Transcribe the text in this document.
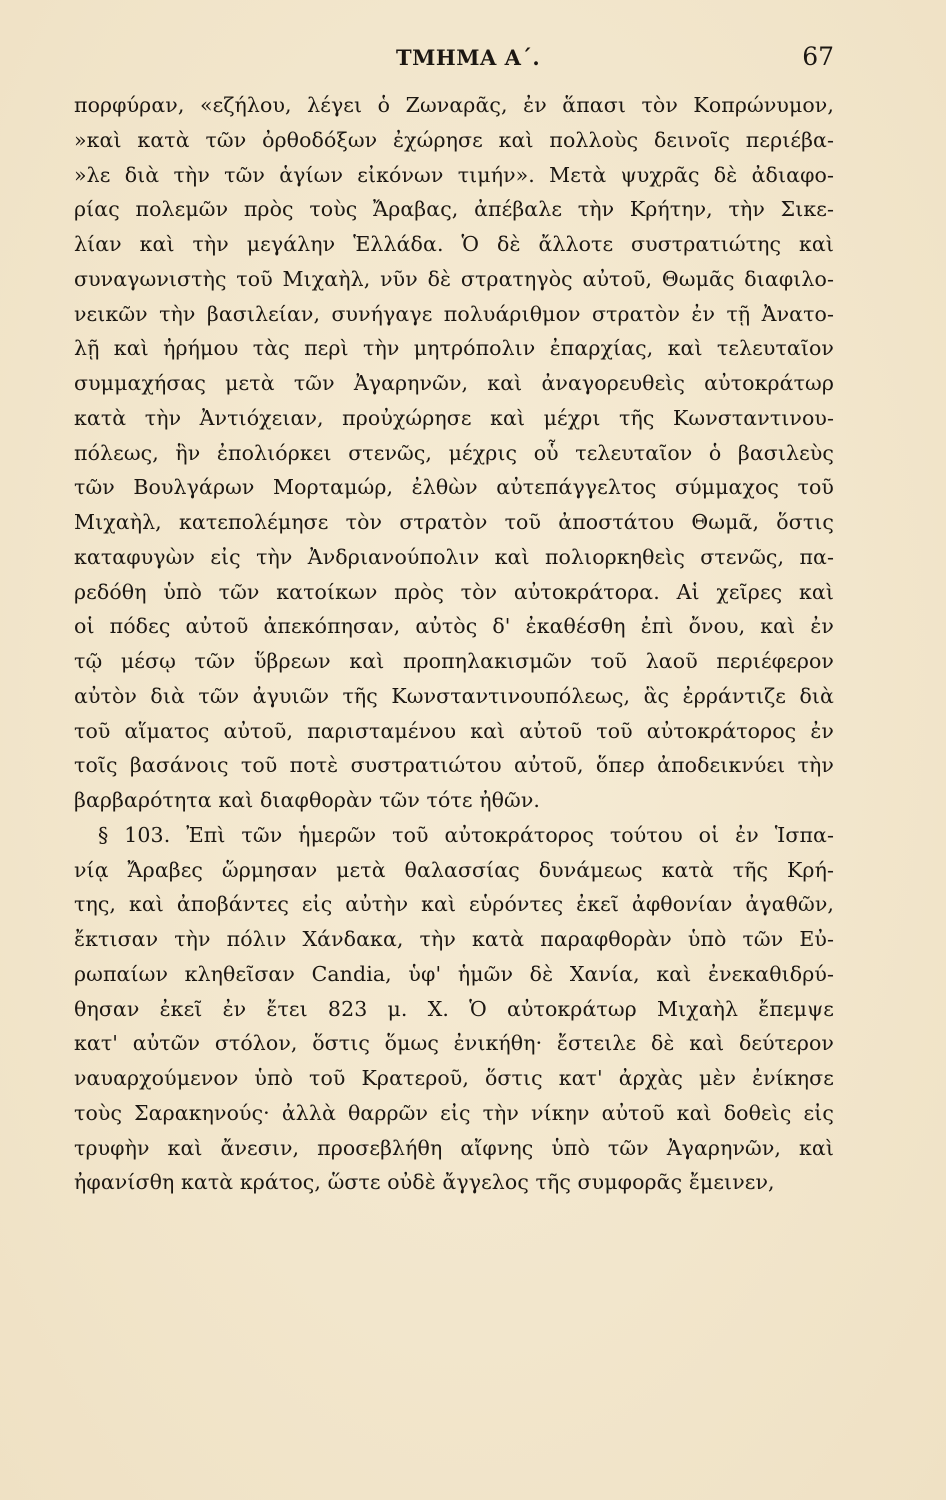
ΤΜΗΜΑ Α΄.	67
πορφύραν, «εζήλου, λέγει ὁ Ζωναρᾶς, ἐν ἅπασι τὸν Κοπρώνυμον,
»καὶ κατὰ τῶν ὀρθοδόξων ἐχώρησε καὶ πολλοὺς δεινοῖς περιέβα-
»λε διὰ τὴν τῶν ἁγίων εἰκόνων τιμήν». Μετὰ ψυχρᾶς δὲ ἀδιαφο-
ρίας πολεμῶν πρὸς τοὺς Ἄραβας, ἀπέβαλε τὴν Κρήτην, τὴν Σικε-
λίαν καὶ τὴν μεγάλην Ἑλλάδα. Ὁ δὲ ἄλλοτε συστρατιώτης καὶ
συναγωνιστὴς τοῦ Μιχαὴλ, νῦν δὲ στρατηγὸς αὐτοῦ, Θωμᾶς διαφιλο-
νεικῶν τὴν βασιλείαν, συνήγαγε πολυάριθμον στρατὸν ἐν τῇ Ἀνατο-
λῇ καὶ ἠρήμου τὰς περὶ τὴν μητρόπολιν ἐπαρχίας, καὶ τελευταῖον
συμμαχήσας μετὰ τῶν Ἀγαρηνῶν, καὶ ἀναγορευθεὶς αὐτοκράτωρ
κατὰ τὴν Ἀντιόχειαν, προὐχώρησε καὶ μέχρι τῆς Κωνσταντινου-
πόλεως, ἣν ἐπολιόρκει στενῶς, μέχρις οὗ τελευταῖον ὁ βασιλεὺς
τῶν Βουλγάρων Μορταμώρ, ἐλθὼν αὐτεπάγγελτος σύμμαχος τοῦ
Μιχαὴλ, κατεπολέμησε τὸν στρατὸν τοῦ ἀποστάτου Θωμᾶ, ὅστις
καταφυγὼν εἰς τὴν Ἀνδριανούπολιν καὶ πολιορκηθεὶς στενῶς, πα-
ρεδόθη ὑπὸ τῶν κατοίκων πρὸς τὸν αὐτοκράτορα. Αἱ χεῖρες καὶ
οἱ πόδες αὐτοῦ ἀπεκόπησαν, αὐτὸς δ' ἐκαθέσθη ἐπὶ ὄνου, καὶ ἐν
τῷ μέσῳ τῶν ὕβρεων καὶ προπηλακισμῶν τοῦ λαοῦ περιέφερον
αὐτὸν διὰ τῶν ἀγυιῶν τῆς Κωνσταντινουπόλεως, ἃς ἐρράντιζε διὰ
τοῦ αἵματος αὐτοῦ, παρισταμένου καὶ αὐτοῦ τοῦ αὐτοκράτορος ἐν
τοῖς βασάνοις τοῦ ποτὲ συστρατιώτου αὐτοῦ, ὅπερ ἀποδεικνύει τὴν
βαρβαρότητα καὶ διαφθορὰν τῶν τότε ἠθῶν.
§ 103. Ἐπὶ τῶν ἡμερῶν τοῦ αὐτοκράτορος τούτου οἱ ἐν Ἱσπα-
νίᾳ Ἄραβες ὥρμησαν μετὰ θαλασσίας δυνάμεως κατὰ τῆς Κρή-
της, καὶ ἀποβάντες εἰς αὐτὴν καὶ εὑρόντες ἐκεῖ ἀφθονίαν ἀγαθῶν,
ἔκτισαν τὴν πόλιν Χάνδακα, τὴν κατὰ παραφθορὰν ὑπὸ τῶν Εὐ-
ρωπαίων κληθεῖσαν Candia, ὑφ' ἡμῶν δὲ Χανία, καὶ ἐνεκαθιδρύ-
θησαν ἐκεῖ ἐν ἔτει 823 μ. Χ. Ὁ αὐτοκράτωρ Μιχαὴλ ἔπεμψε
κατ' αὐτῶν στόλον, ὅστις ὅμως ἐνικήθη· ἔστειλε δὲ καὶ δεύτερον
ναυαρχούμενον ὑπὸ τοῦ Κρατεροῦ, ὅστις κατ' ἀρχὰς μὲν ἐνίκησε
τοὺς Σαρακηνούς· ἀλλὰ θαρρῶν εἰς τὴν νίκην αὐτοῦ καὶ δοθεὶς εἰς
τρυφὴν καὶ ἄνεσιν, προσεβλήθη αἴφνης ὑπὸ τῶν Ἀγαρηνῶν, καὶ
ἠφανίσθη κατὰ κράτος, ὥστε οὐδὲ ἄγγελος τῆς συμφορᾶς ἔμεινεν,
